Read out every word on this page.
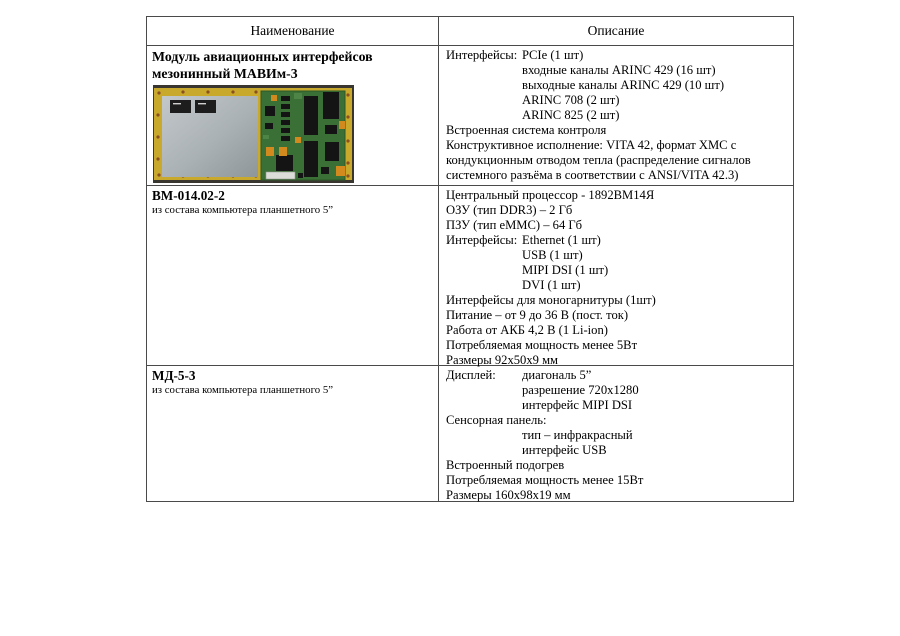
Наименование	Описание
Модуль авиационных интерфейсов мезонинный МАВИм-3
Интерфейсы: PCIe (1 шт)
входные каналы ARINC 429 (16 шт)
выходные каналы ARINC 429 (10 шт)
ARINC 708 (2 шт)
ARINC 825 (2 шт)
Встроенная система контроля
Конструктивное исполнение: VITA 42, формат XMC с
кондукционным отводом тепла (распределение сигналов
системного разъёма в соответствии с ANSI/VITA 42.3)
ВМ-014.02-2
из состава компьютера планшетного 5”
Центральный процессор - 1892ВМ14Я
ОЗУ (тип DDR3) – 2 Гб
ПЗУ (тип eMMC) – 64 Гб
Интерфейсы: Ethernet (1 шт)
USB (1 шт)
MIPI DSI (1 шт)
DVI (1 шт)
Интерфейсы для моногарнитуры (1шт)
Питание – от 9 до 36 В (пост. ток)
Работа от АКБ 4,2 В (1 Li-ion)
Потребляемая мощность менее 5Вт
Размеры 92x50x9 мм
МД-5-3
из состава компьютера планшетного 5”
Дисплей: диагональ 5”
разрешение 720x1280
интерфейс MIPI DSI
Сенсорная панель:
тип – инфракрасный
интерфейс USB
Встроенный подогрев
Потребляемая мощность менее 15Вт
Размеры 160x98x19 мм
